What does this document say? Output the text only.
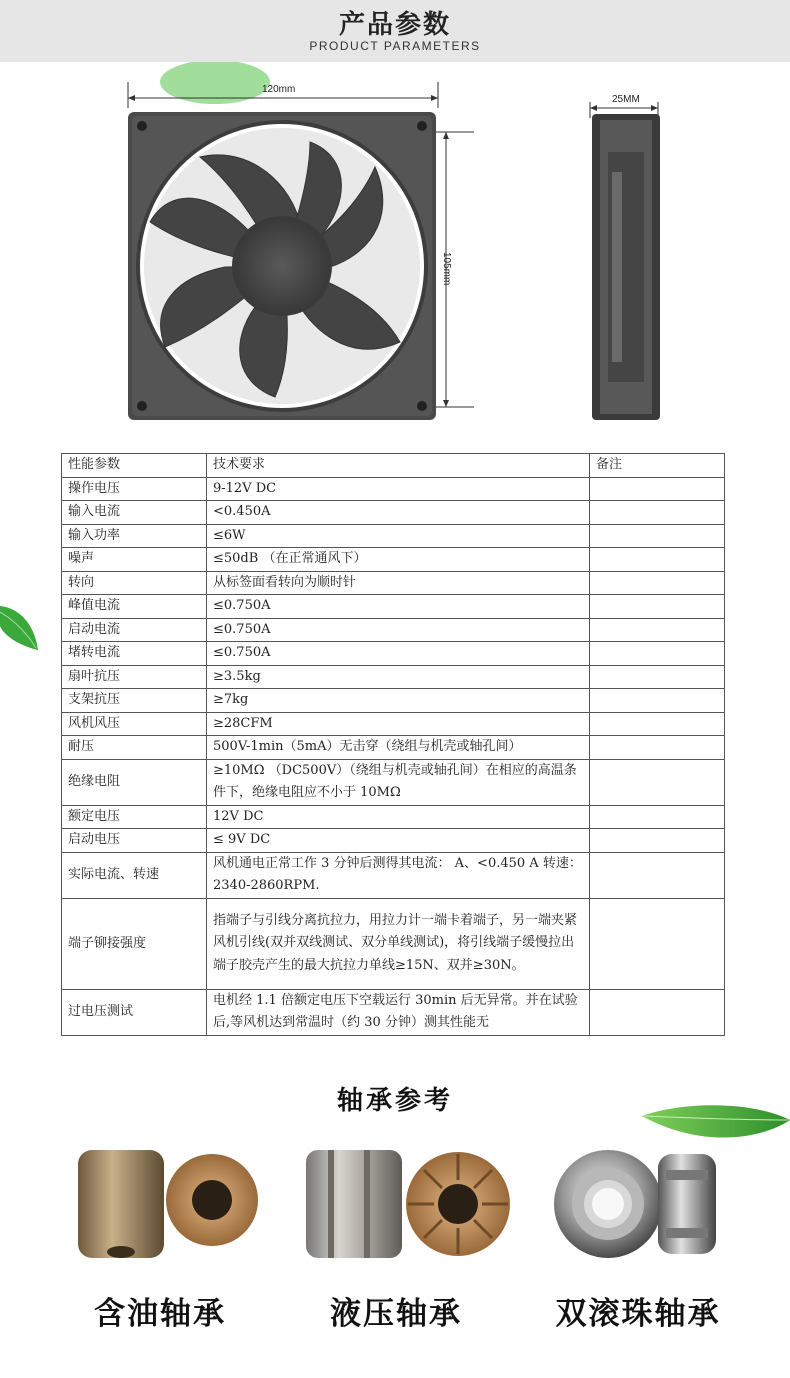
产品参数
PRODUCT PARAMETERS
120mm
105mm
25MM
性能参数	技术要求	备注
操作电压	9-12V DC	
输入电流	<0.450A	
输入功率	≤6W	
噪声	≤50dB （在正常通风下）	
转向	从标签面看转向为顺时针	
峰值电流	≤0.750A	
启动电流	≤0.750A	
堵转电流	≤0.750A	
扇叶抗压	≥3.5kg	
支架抗压	≥7kg	
风机风压	≥28CFM	
耐压	500V-1min（5mA）无击穿（绕组与机壳或轴孔间）	
绝缘电阻	≥10MΩ （DC500V）（绕组与机壳或轴孔间）在相应的高温条件下，绝缘电阻应不小于 10MΩ	
额定电压	12V DC	
启动电压	≤ 9V DC	
实际电流、转速	风机通电正常工作 3 分钟后测得其电流： A、<0.450 A 转速：2340-2860RPM.	
端子铆接强度	指端子与引线分离抗拉力，用拉力计一端卡着端子，另一端夹紧风机引线(双并双线测试、双分单线测试)，将引线端子缓慢拉出端子胶壳产生的最大抗拉力单线≥15N、双并≥30N。	
过电压测试	电机经 1.1 倍额定电压下空载运行 30min 后无异常。并在试验后,等风机达到常温时（约 30 分钟）测其性能无	
轴承参考
含油轴承	液压轴承	双滚珠轴承
